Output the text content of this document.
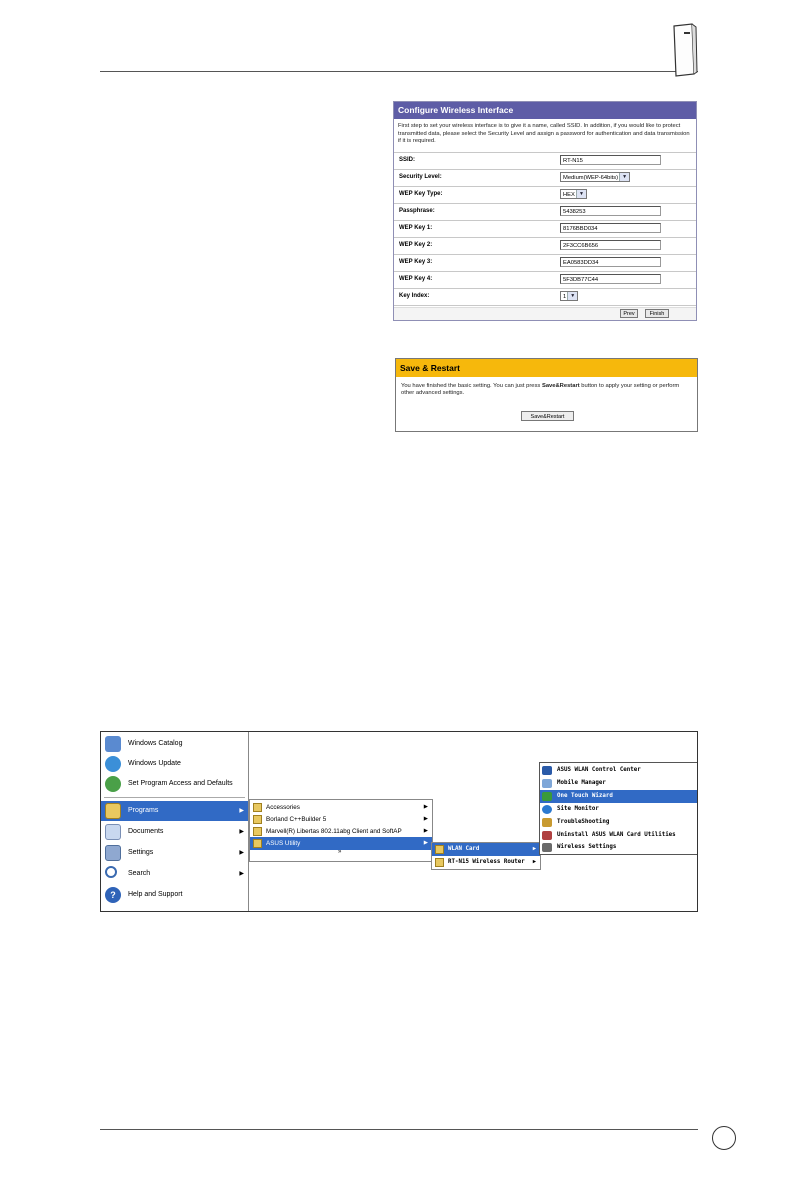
Configure Wireless Interface
First step to set your wireless interface is to give it a name, called SSID. In addition, if you would like to protect transmitted data, please select the Security Level and assign a password for authentication and data transmission if it is required.
SSID:	RT-N15
Security Level:	Medium(WEP-64bits) ▼
WEP Key Type:	HEX ▼
Passphrase:	5438253
WEP Key 1:	8176BBD034
WEP Key 2:	2F3CC6B656
WEP Key 3:	EA0583DD34
WEP Key 4:	5F3DB77C44
Key Index:	1 ▼
Prev	Finish
Save & Restart
You have finished the basic setting. You can just press Save&Restart button to apply your setting or perform other advanced settings.
Save&Restart
Windows Catalog
Windows Update
Set Program Access and Defaults
Programs	▶
Documents	▶
Settings	▶
Search	▶
?	Help and Support
Accessories	▶
Borland C++Builder 5	▶
Marvell(R) Libertas 802.11abg Client and SoftAP	▶
ASUS Utility	▶
»	WLAN Card	▶
RT-N15 Wireless Router ▶
ASUS WLAN Control Center
Mobile Manager
One Touch Wizard
Site Monitor
TroubleShooting
Uninstall ASUS WLAN Card Utilities
Wireless Settings
